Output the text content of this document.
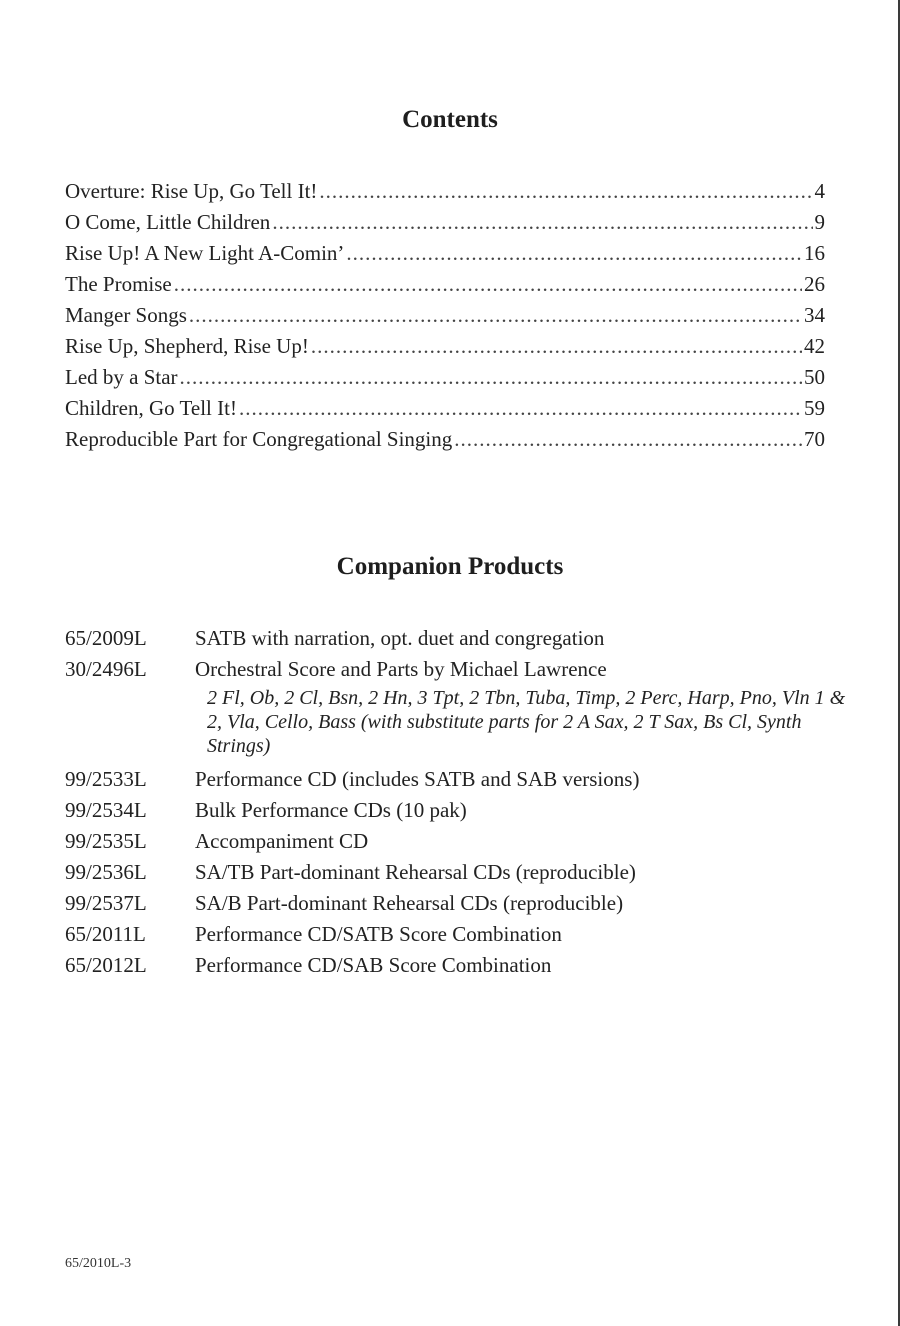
Contents
Overture: Rise Up, Go Tell It! .....	4
O Come, Little Children .....	9
Rise Up! A New Light A-Comin’ .....	16
The Promise .....	26
Manger Songs .....	34
Rise Up, Shepherd, Rise Up! .....	42
Led by a Star .....	50
Children, Go Tell It! .....	59
Reproducible Part for Congregational Singing .....	70
Companion Products
65/2009L	SATB with narration, opt. duet and congregation
30/2496L	Orchestral Score and Parts by Michael Lawrence
2 Fl, Ob, 2 Cl, Bsn, 2 Hn, 3 Tpt, 2 Tbn, Tuba, Timp, 2 Perc, Harp, Pno, Vln 1 & 2, Vla, Cello, Bass (with substitute parts for 2 A Sax, 2 T Sax, Bs Cl, Synth Strings)
99/2533L	Performance CD (includes SATB and SAB versions)
99/2534L	Bulk Performance CDs (10 pak)
99/2535L	Accompaniment CD
99/2536L	SA/TB Part-dominant Rehearsal CDs (reproducible)
99/2537L	SA/B Part-dominant Rehearsal CDs (reproducible)
65/2011L	Performance CD/SATB Score Combination
65/2012L	Performance CD/SAB Score Combination
65/2010L-3
